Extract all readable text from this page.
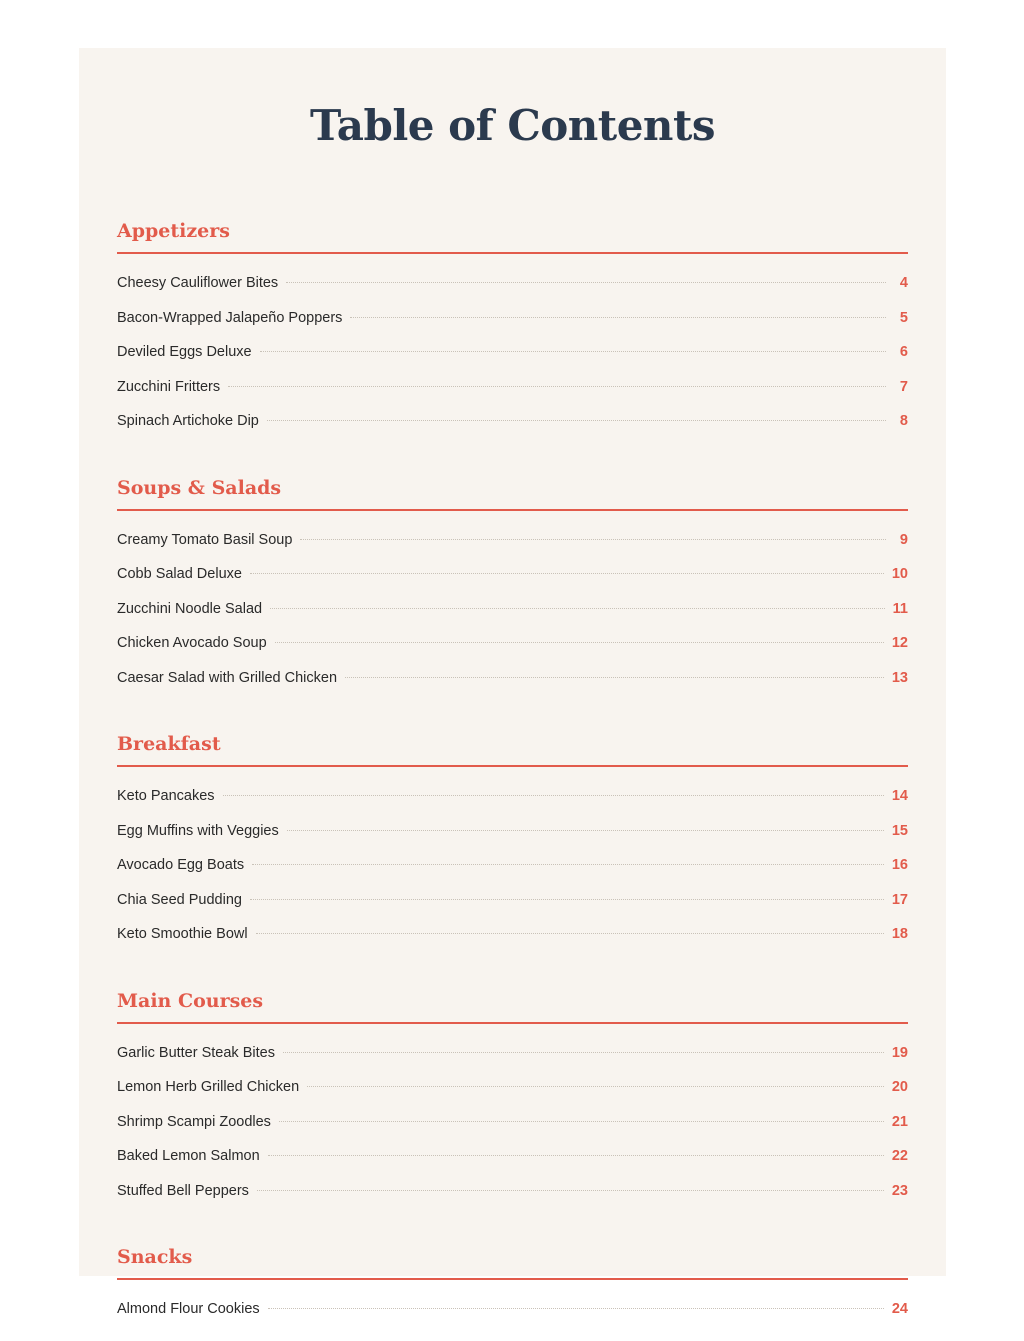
Table of Contents
Appetizers
Cheesy Cauliflower Bites	4
Bacon-Wrapped Jalapeño Poppers	5
Deviled Eggs Deluxe	6
Zucchini Fritters	7
Spinach Artichoke Dip	8
Soups & Salads
Creamy Tomato Basil Soup	9
Cobb Salad Deluxe	10
Zucchini Noodle Salad	11
Chicken Avocado Soup	12
Caesar Salad with Grilled Chicken	13
Breakfast
Keto Pancakes	14
Egg Muffins with Veggies	15
Avocado Egg Boats	16
Chia Seed Pudding	17
Keto Smoothie Bowl	18
Main Courses
Garlic Butter Steak Bites	19
Lemon Herb Grilled Chicken	20
Shrimp Scampi Zoodles	21
Baked Lemon Salmon	22
Stuffed Bell Peppers	23
Snacks
Almond Flour Cookies	24
